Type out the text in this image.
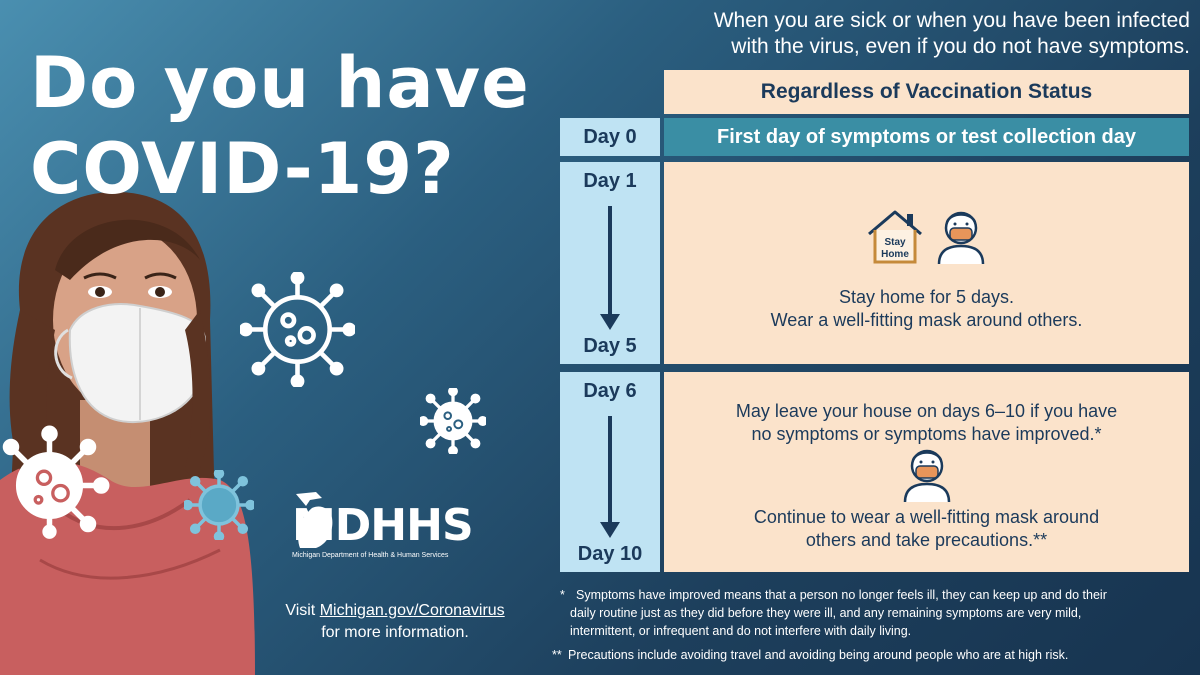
Do you have
COVID-19?
When you are sick or when you have been infected
with the virus, even if you do not have symptoms.
Regardless of Vaccination Status
Day 0	First day of symptoms or test collection day
Day 1
Day 5
Stay
Home
Stay home for 5 days.
Wear a well-fitting mask around others.
Day 6
Day 10
May leave your house on days 6–10 if you have
no symptoms or symptoms have improved.*
Continue to wear a well-fitting mask around
others and take precautions.**
* Symptoms have improved means that a person no longer feels ill, they can keep up and do their
daily routine just as they did before they were ill, and any remaining symptoms are very mild,
intermittent, or infrequent and do not interfere with daily living.
** Precautions include avoiding travel and avoiding being around people who are at high risk.
MDHHS
Michigan Department of Health & Human Services
Visit Michigan.gov/Coronavirus
for more information.
